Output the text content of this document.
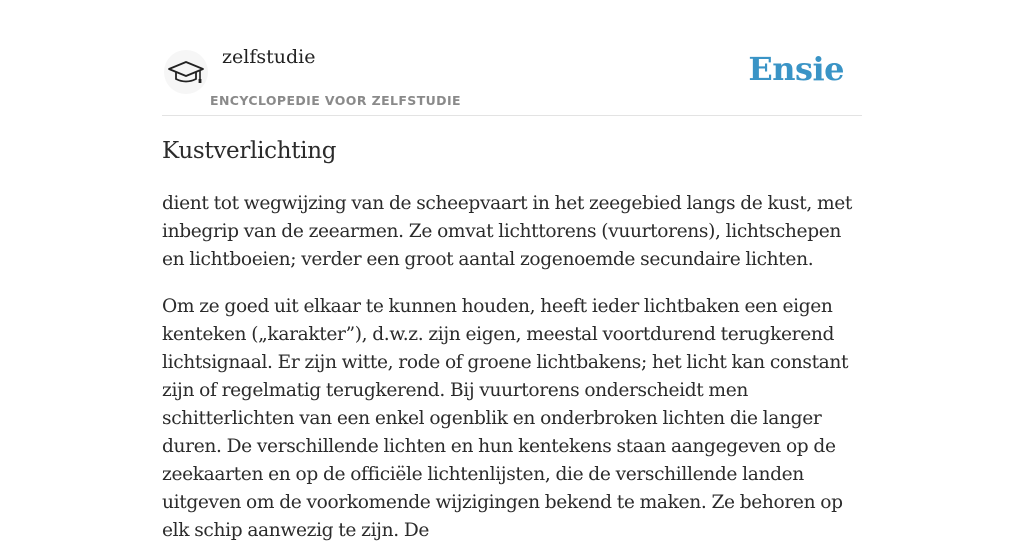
zelfstudie
ENCYCLOPEDIE VOOR ZELFSTUDIE
Ensie
Kustverlichting

dient tot wegwijzing van de scheepvaart in het zeegebied langs de kust, met inbegrip van de zeearmen. Ze omvat lichttorens (vuurtorens), lichtschepen en lichtboeien; verder een groot aantal zogenoemde secundaire lichten.

Om ze goed uit elkaar te kunnen houden, heeft ieder lichtbaken een eigen kenteken („karakter”), d.w.z. zijn eigen, meestal voortdurend terugkerend lichtsignaal. Er zijn witte, rode of groene lichtbakens; het licht kan constant zijn of regelmatig terugkerend. Bij vuurtorens onderscheidt men schitterlichten van een enkel ogenblik en onderbroken lichten die langer duren. De verschillende lichten en hun kentekens staan aangegeven op de zeekaarten en op de officiële lichtenlijsten, die de verschillende landen uitgeven om de voorkomende wijzigingen bekend te maken. Ze behoren op elk schip aanwezig te zijn. De
